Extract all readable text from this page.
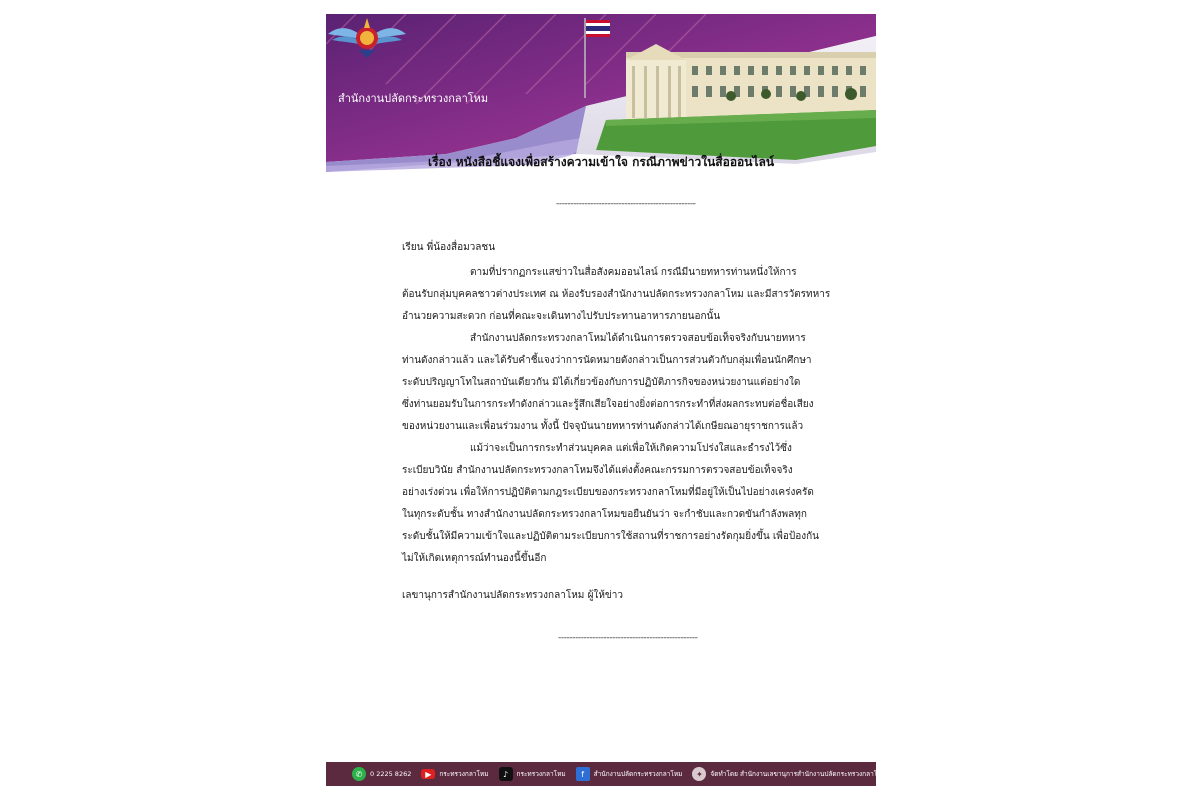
สำนักงานปลัดกระทรวงกลาโหม
เรื่อง หนังสือชี้แจงเพื่อสร้างความเข้าใจ กรณีภาพข่าวในสื่อออนไลน์
-------------------------------------------------
เรียน พี่น้องสื่อมวลชน

ตามที่ปรากฏกระแสข่าวในสื่อสังคมออนไลน์ กรณีมีนายทหารท่านหนึ่งให้การ

ต้อนรับกลุ่มบุคคลชาวต่างประเทศ ณ ห้องรับรองสำนักงานปลัดกระทรวงกลาโหม และมีสารวัตรทหาร

อำนวยความสะดวก ก่อนที่คณะจะเดินทางไปรับประทานอาหารภายนอกนั้น

สำนักงานปลัดกระทรวงกลาโหมได้ดำเนินการตรวจสอบข้อเท็จจริงกับนายทหาร

ท่านดังกล่าวแล้ว และได้รับคำชี้แจงว่าการนัดหมายดังกล่าวเป็นการส่วนตัวกับกลุ่มเพื่อนนักศึกษา

ระดับปริญญาโทในสถาบันเดียวกัน มิได้เกี่ยวข้องกับการปฏิบัติภารกิจของหน่วยงานแต่อย่างใด

ซึ่งท่านยอมรับในการกระทำดังกล่าวและรู้สึกเสียใจอย่างยิ่งต่อการกระทำที่ส่งผลกระทบต่อชื่อเสียง

ของหน่วยงานและเพื่อนร่วมงาน ทั้งนี้ ปัจจุบันนายทหารท่านดังกล่าวได้เกษียณอายุราชการแล้ว

แม้ว่าจะเป็นการกระทำส่วนบุคคล แต่เพื่อให้เกิดความโปร่งใสและธำรงไว้ซึ่ง

ระเบียบวินัย สำนักงานปลัดกระทรวงกลาโหมจึงได้แต่งตั้งคณะกรรมการตรวจสอบข้อเท็จจริง

อย่างเร่งด่วน เพื่อให้การปฏิบัติตามกฎระเบียบของกระทรวงกลาโหมที่มีอยู่ให้เป็นไปอย่างเคร่งครัด

ในทุกระดับชั้น ทางสำนักงานปลัดกระทรวงกลาโหมขอยืนยันว่า จะกำชับและกวดขันกำลังพลทุก

ระดับชั้นให้มีความเข้าใจและปฏิบัติตามระเบียบการใช้สถานที่ราชการอย่างรัดกุมยิ่งขึ้น เพื่อป้องกัน

ไม่ให้เกิดเหตุการณ์ทำนองนี้ขึ้นอีก

เลขานุการสำนักงานปลัดกระทรวงกลาโหม ผู้ให้ข่าว
-------------------------------------------------
✆	0 2225 8262	▶	กระทรวงกลาโหม	♪	กระทรวงกลาโหม	f	สำนักงานปลัดกระทรวงกลาโหม	✦	จัดทำโดย สำนักงานเลขานุการสำนักงานปลัดกระทรวงกลาโหม
